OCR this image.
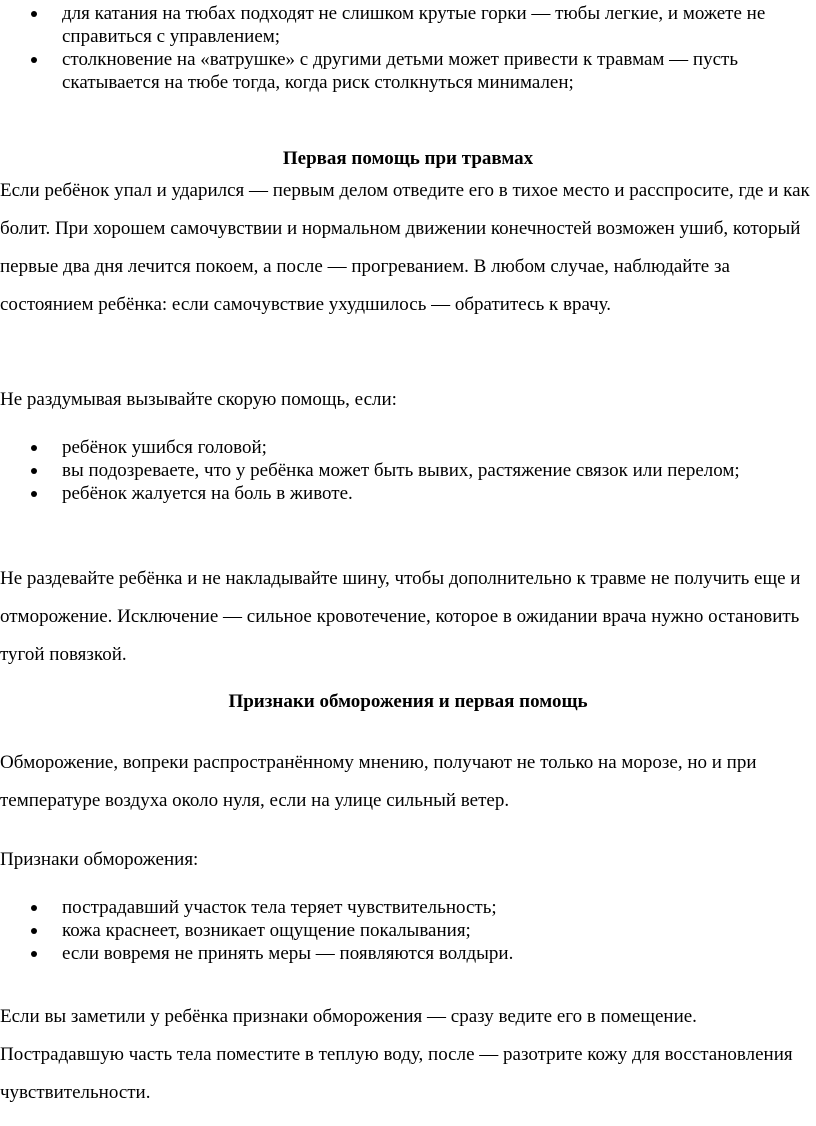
для катания на тюбах подходят не слишком крутые горки — тюбы легкие, и можете не справиться с управлением;
столкновение на «ватрушке» с другими детьми может привести к травмам — пусть скатывается на тюбе тогда, когда риск столкнуться минимален;
Первая помощь при травмах

Если ребёнок упал и ударился — первым делом отведите его в тихое место и расспросите, где и как болит. При хорошем самочувствии и нормальном движении конечностей возможен ушиб, который первые два дня лечится покоем, а после — прогреванием. В любом случае, наблюдайте за состоянием ребёнка: если самочувствие ухудшилось — обратитесь к врачу.

Не раздумывая вызывайте скорую помощь, если:

ребёнок ушибся головой;
вы подозреваете, что у ребёнка может быть вывих, растяжение связок или перелом;
ребёнок жалуется на боль в животе.

Не раздевайте ребёнка и не накладывайте шину, чтобы дополнительно к травме не получить еще и отморожение. Исключение — сильное кровотечение, которое в ожидании врача нужно остановить тугой повязкой.

Признаки обморожения и первая помощь

Обморожение, вопреки распространённому мнению, получают не только на морозе, но и при температуре воздуха около нуля, если на улице сильный ветер.

Признаки обморожения:

пострадавший участок тела теряет чувствительность;
кожа краснеет, возникает ощущение покалывания;
если вовремя не принять меры — появляются волдыри.

Если вы заметили у ребёнка признаки обморожения — сразу ведите его в помещение. Пострадавшую часть тела поместите в теплую воду, после — разотрите кожу для восстановления чувствительности.
